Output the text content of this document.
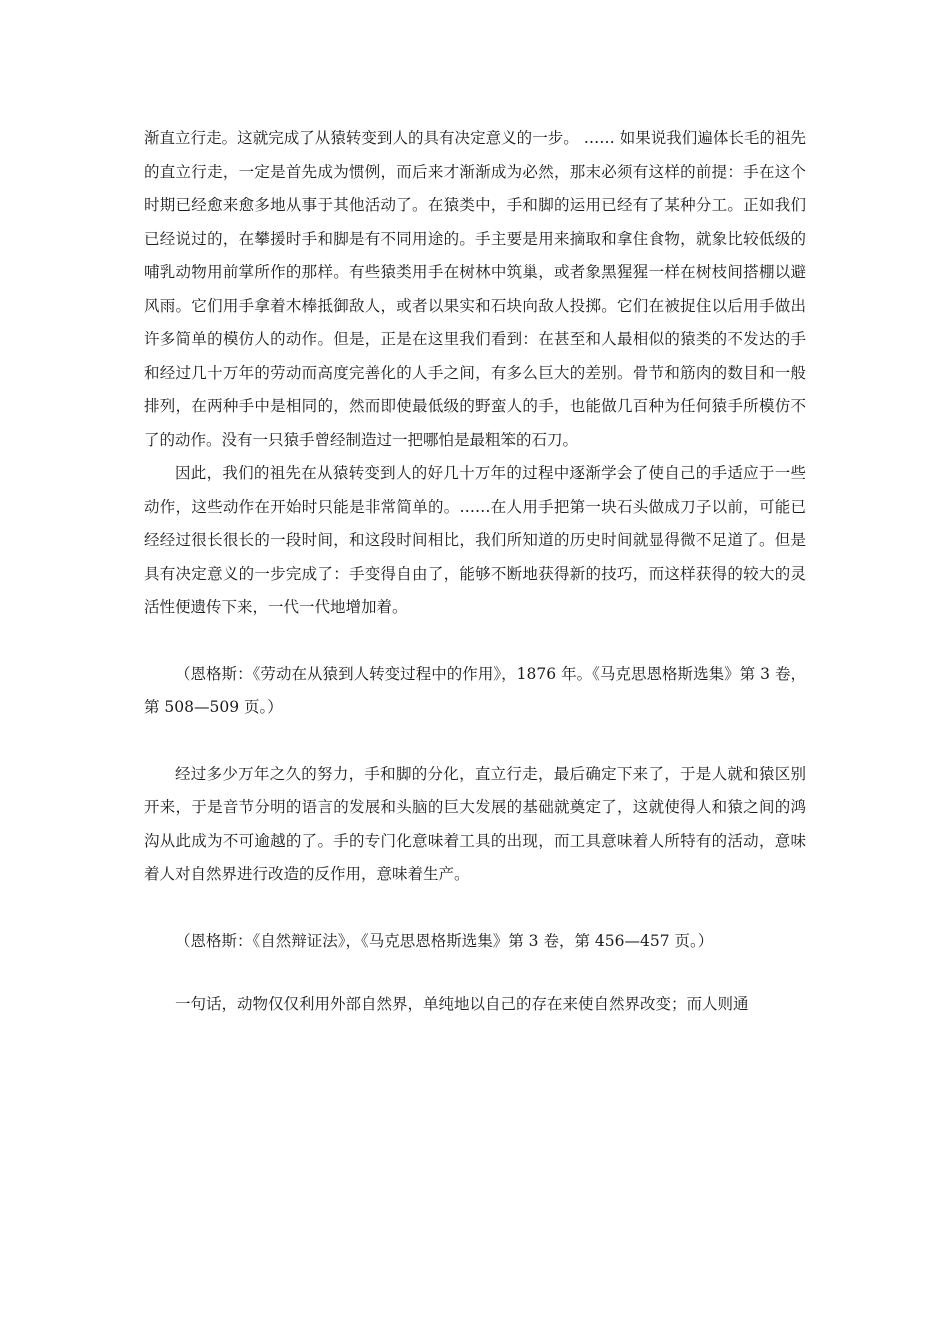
渐直立行走。这就完成了从猿转变到人的具有决定意义的一步。 …… 如果说我们遍体长毛的祖先的直立行走，一定是首先成为惯例，而后来才渐渐成为必然，那末必须有这样的前提：手在这个时期已经愈来愈多地从事于其他活动了。在猿类中，手和脚的运用已经有了某种分工。正如我们已经说过的，在攀援时手和脚是有不同用途的。手主要是用来摘取和拿住食物，就象比较低级的哺乳动物用前掌所作的那样。有些猿类用手在树林中筑巢，或者象黑猩猩一样在树枝间搭棚以避风雨。它们用手拿着木棒抵御敌人，或者以果实和石块向敌人投掷。它们在被捉住以后用手做出许多简单的模仿人的动作。但是，正是在这里我们看到：在甚至和人最相似的猿类的不发达的手和经过几十万年的劳动而高度完善化的人手之间，有多么巨大的差别。骨节和筋肉的数目和一般排列，在两种手中是相同的，然而即使最低级的野蛮人的手，也能做几百种为任何猿手所模仿不了的动作。没有一只猿手曾经制造过一把哪怕是最粗笨的石刀。

因此，我们的祖先在从猿转变到人的好几十万年的过程中逐渐学会了使自己的手适应于一些动作，这些动作在开始时只能是非常简单的。……在人用手把第一块石头做成刀子以前，可能已经经过很长很长的一段时间，和这段时间相比，我们所知道的历史时间就显得微不足道了。但是具有决定意义的一步完成了：手变得自由了，能够不断地获得新的技巧，而这样获得的较大的灵活性便遗传下来，一代一代地增加着。

（恩格斯：《劳动在从猿到人转变过程中的作用》，1876 年。《马克思恩格斯选集》第 3 卷，第 508—509 页。）

经过多少万年之久的努力，手和脚的分化，直立行走，最后确定下来了，于是人就和猿区别开来，于是音节分明的语言的发展和头脑的巨大发展的基础就奠定了，这就使得人和猿之间的鸿沟从此成为不可逾越的了。手的专门化意味着工具的出现，而工具意味着人所特有的活动，意味着人对自然界进行改造的反作用，意味着生产。

（恩格斯：《自然辩证法》，《马克思恩格斯选集》第 3 卷，第 456—457 页。）

一句话，动物仅仅利用外部自然界，单纯地以自己的存在来使自然界改变；而人则通
